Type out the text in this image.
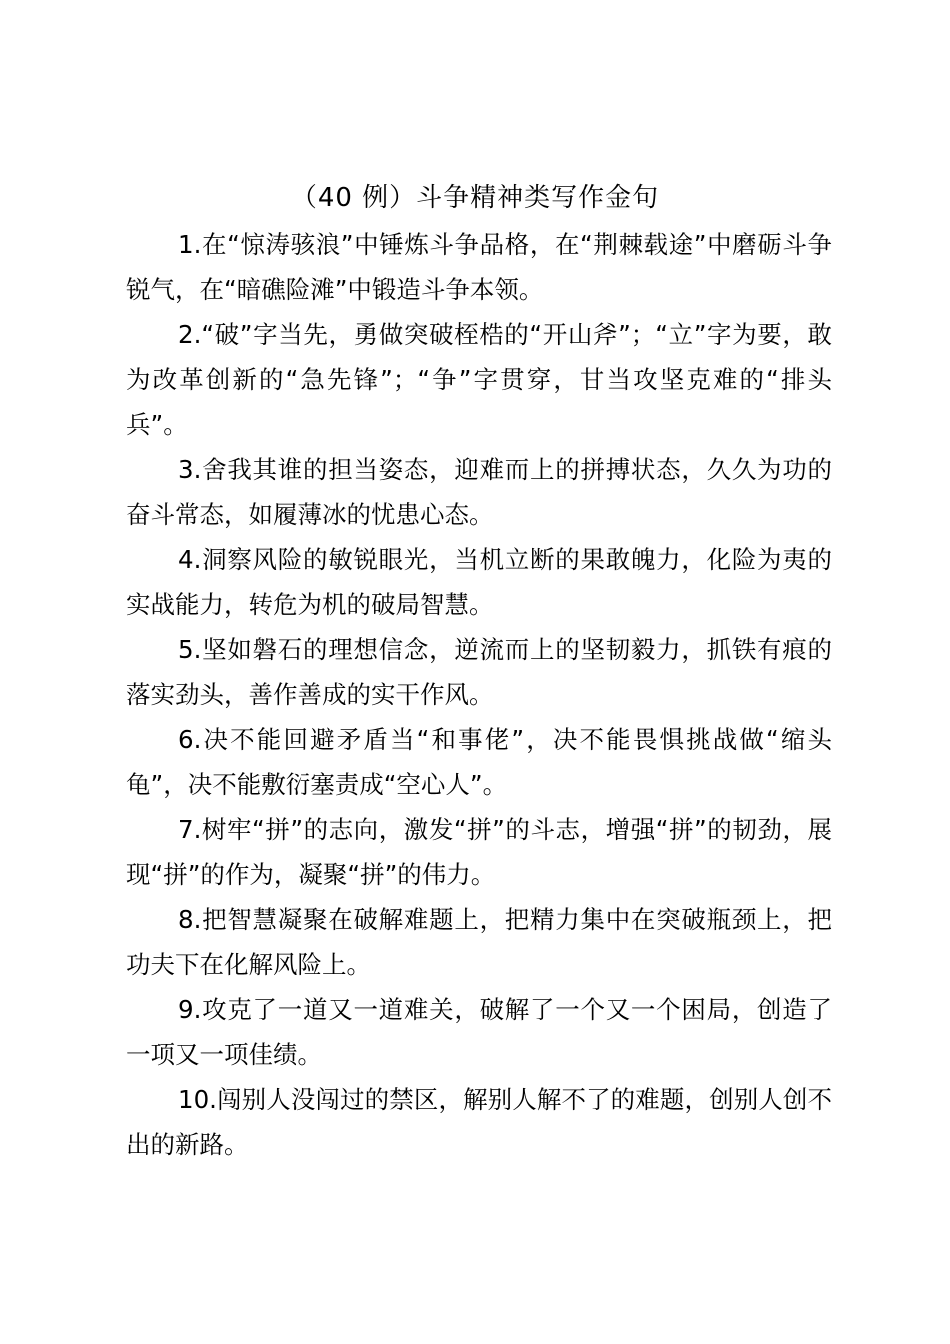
（40 例）斗争精神类写作金句

1.在“惊涛骇浪”中锤炼斗争品格，在“荆棘载途”中磨砺斗争锐气，在“暗礁险滩”中锻造斗争本领。

2.“破”字当先，勇做突破桎梏的“开山斧”；“立”字为要，敢为改革创新的“急先锋”；“争”字贯穿，甘当攻坚克难的“排头兵”。

3.舍我其谁的担当姿态，迎难而上的拼搏状态，久久为功的奋斗常态，如履薄冰的忧患心态。

4.洞察风险的敏锐眼光，当机立断的果敢魄力，化险为夷的实战能力，转危为机的破局智慧。

5.坚如磐石的理想信念，逆流而上的坚韧毅力，抓铁有痕的落实劲头，善作善成的实干作风。

6.决不能回避矛盾当“和事佬”，决不能畏惧挑战做“缩头龟”，决不能敷衍塞责成“空心人”。

7.树牢“拼”的志向，激发“拼”的斗志，增强“拼”的韧劲，展现“拼”的作为，凝聚“拼”的伟力。

8.把智慧凝聚在破解难题上，把精力集中在突破瓶颈上，把功夫下在化解风险上。

9.攻克了一道又一道难关，破解了一个又一个困局，创造了一项又一项佳绩。

10.闯别人没闯过的禁区，解别人解不了的难题，创别人创不出的新路。
